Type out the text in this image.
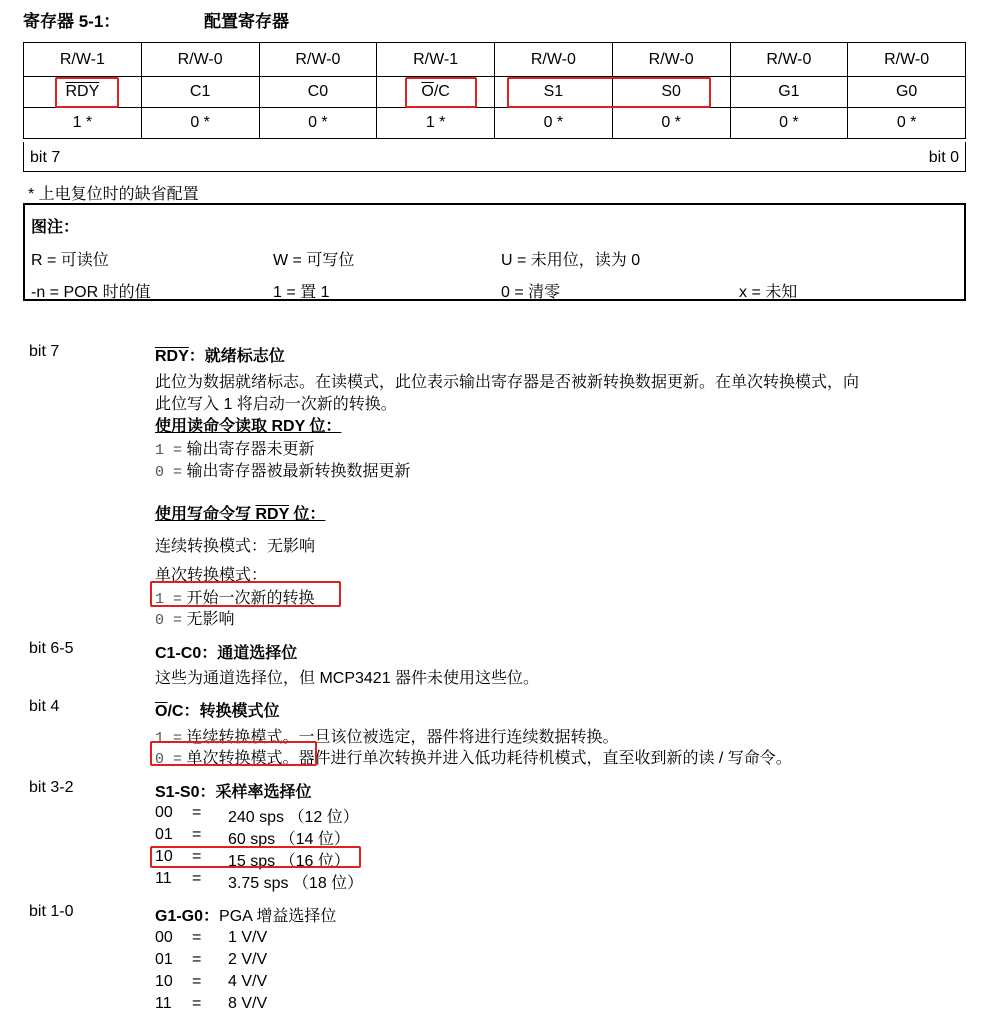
寄存器 5-1：	配置寄存器
R/W-1	R/W-0	R/W-0	R/W-1	R/W-0	R/W-0	R/W-0	R/W-0
$\overline{RDY}$	C1	C0	$\overline{O}/C$	S1	S0	G1	G0
1 *	0 *	0 *	1 *	0 *	0 *	0 *	0 *
bit 7	bit 0
* 上电复位时的缺省配置
图注：
R = 可读位	W = 可写位	U = 未用位，读为 0
-n = POR 时的值	1 = 置 1	0 = 清零	x = 未知
bit 7	$\overline{RDY}$：就绪标志位
此位为数据就绪标志。在读模式，此位表示输出寄存器是否被新转换数据更新。在单次转换模式，向
此位写入 1 将启动一次新的转换。
使用读命令读取 RDY 位：
1 = 输出寄存器未更新
0 = 输出寄存器被最新转换数据更新
使用写命令写 RDY 位：
连续转换模式：无影响
单次转换模式：
1 = 开始一次新的转换
0 = 无影响
bit 6-5	C1-C0：通道选择位
这些为通道选择位，但 MCP3421 器件未使用这些位。
bit 4	$\overline{O}/C$：转换模式位
1 = 连续转换模式。一旦该位被选定，器件将进行连续数据转换。
0 = 单次转换模式。器件进行单次转换并进入低功耗待机模式，直至收到新的读 / 写命令。
bit 3-2	S1-S0：采样率选择位
00 = 240 sps （12 位）
01 = 60 sps （14 位）
10 = 15 sps （16 位）
11 = 3.75 sps （18 位）
bit 1-0	G1-G0：PGA 增益选择位
00 = 1 V/V
01 = 2 V/V
10 = 4 V/V
11 = 8 V/V
